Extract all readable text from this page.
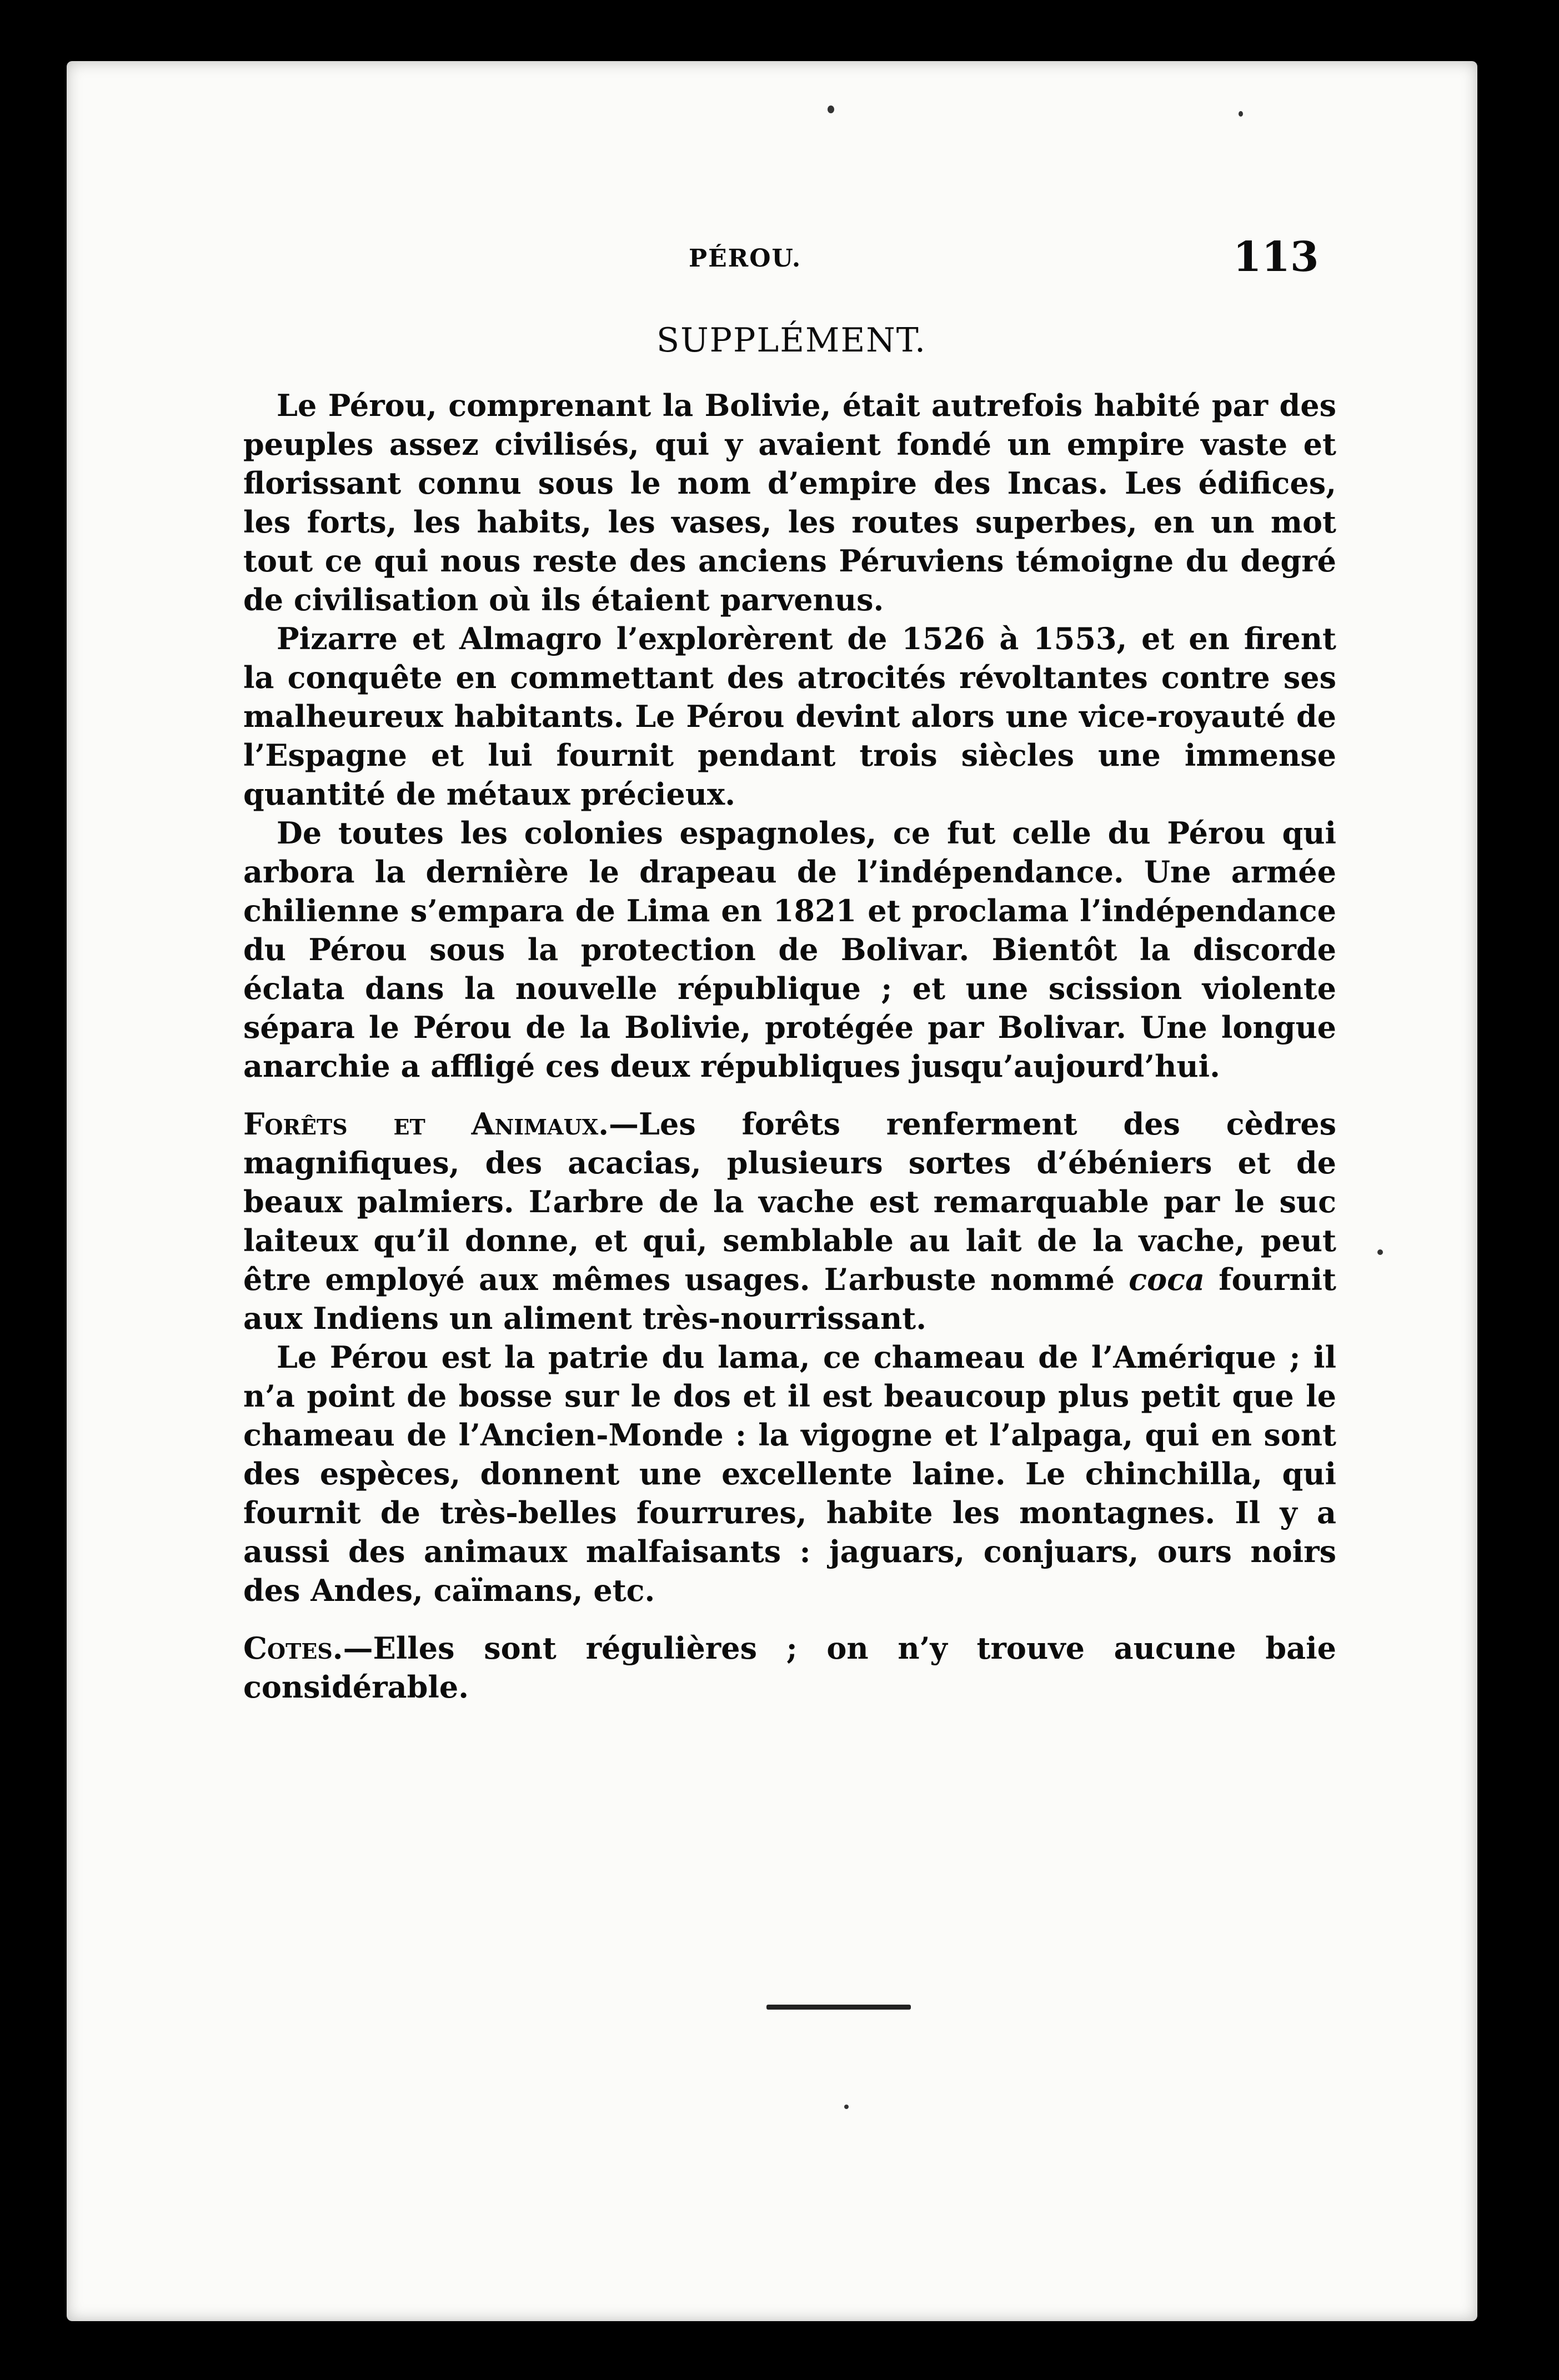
PÉROU.	113
SUPPLÉMENT.

Le Pérou, comprenant la Bolivie, était autrefois habité par des peuples assez civilisés, qui y avaient fondé un empire vaste et florissant connu sous le nom d’empire des Incas. Les édifices, les forts, les habits, les vases, les routes superbes, en un mot tout ce qui nous reste des anciens Péruviens témoigne du degré de civilisation où ils étaient parvenus.

Pizarre et Almagro l’explorèrent de 1526 à 1553, et en firent la conquête en commettant des atrocités révoltantes contre ses malheureux habitants. Le Pérou devint alors une vice-royauté de l’Espagne et lui fournit pendant trois siècles une immense quantité de métaux précieux.

De toutes les colonies espagnoles, ce fut celle du Pérou qui arbora la dernière le drapeau de l’indépendance. Une armée chilienne s’empara de Lima en 1821 et proclama l’indépendance du Pérou sous la protection de Bolivar. Bientôt la discorde éclata dans la nouvelle république ; et une scission violente sépara le Pérou de la Bolivie, protégée par Bolivar. Une longue anarchie a affligé ces deux républiques jusqu’aujourd’hui.

Forêts et Animaux.—Les forêts renferment des cèdres magnifiques, des acacias, plusieurs sortes d’ébéniers et de beaux palmiers. L’arbre de la vache est remarquable par le suc laiteux qu’il donne, et qui, semblable au lait de la vache, peut être employé aux mêmes usages. L’arbuste nommé coca fournit aux Indiens un aliment très-nourrissant.

Le Pérou est la patrie du lama, ce chameau de l’Amérique ; il n’a point de bosse sur le dos et il est beaucoup plus petit que le chameau de l’Ancien-Monde : la vigogne et l’alpaga, qui en sont des espèces, donnent une excellente laine. Le chinchilla, qui fournit de très-belles fourrures, habite les montagnes. Il y a aussi des animaux malfaisants : jaguars, conjuars, ours noirs des Andes, caïmans, etc.

Cotes.—Elles sont régulières ; on n’y trouve aucune baie considérable.
